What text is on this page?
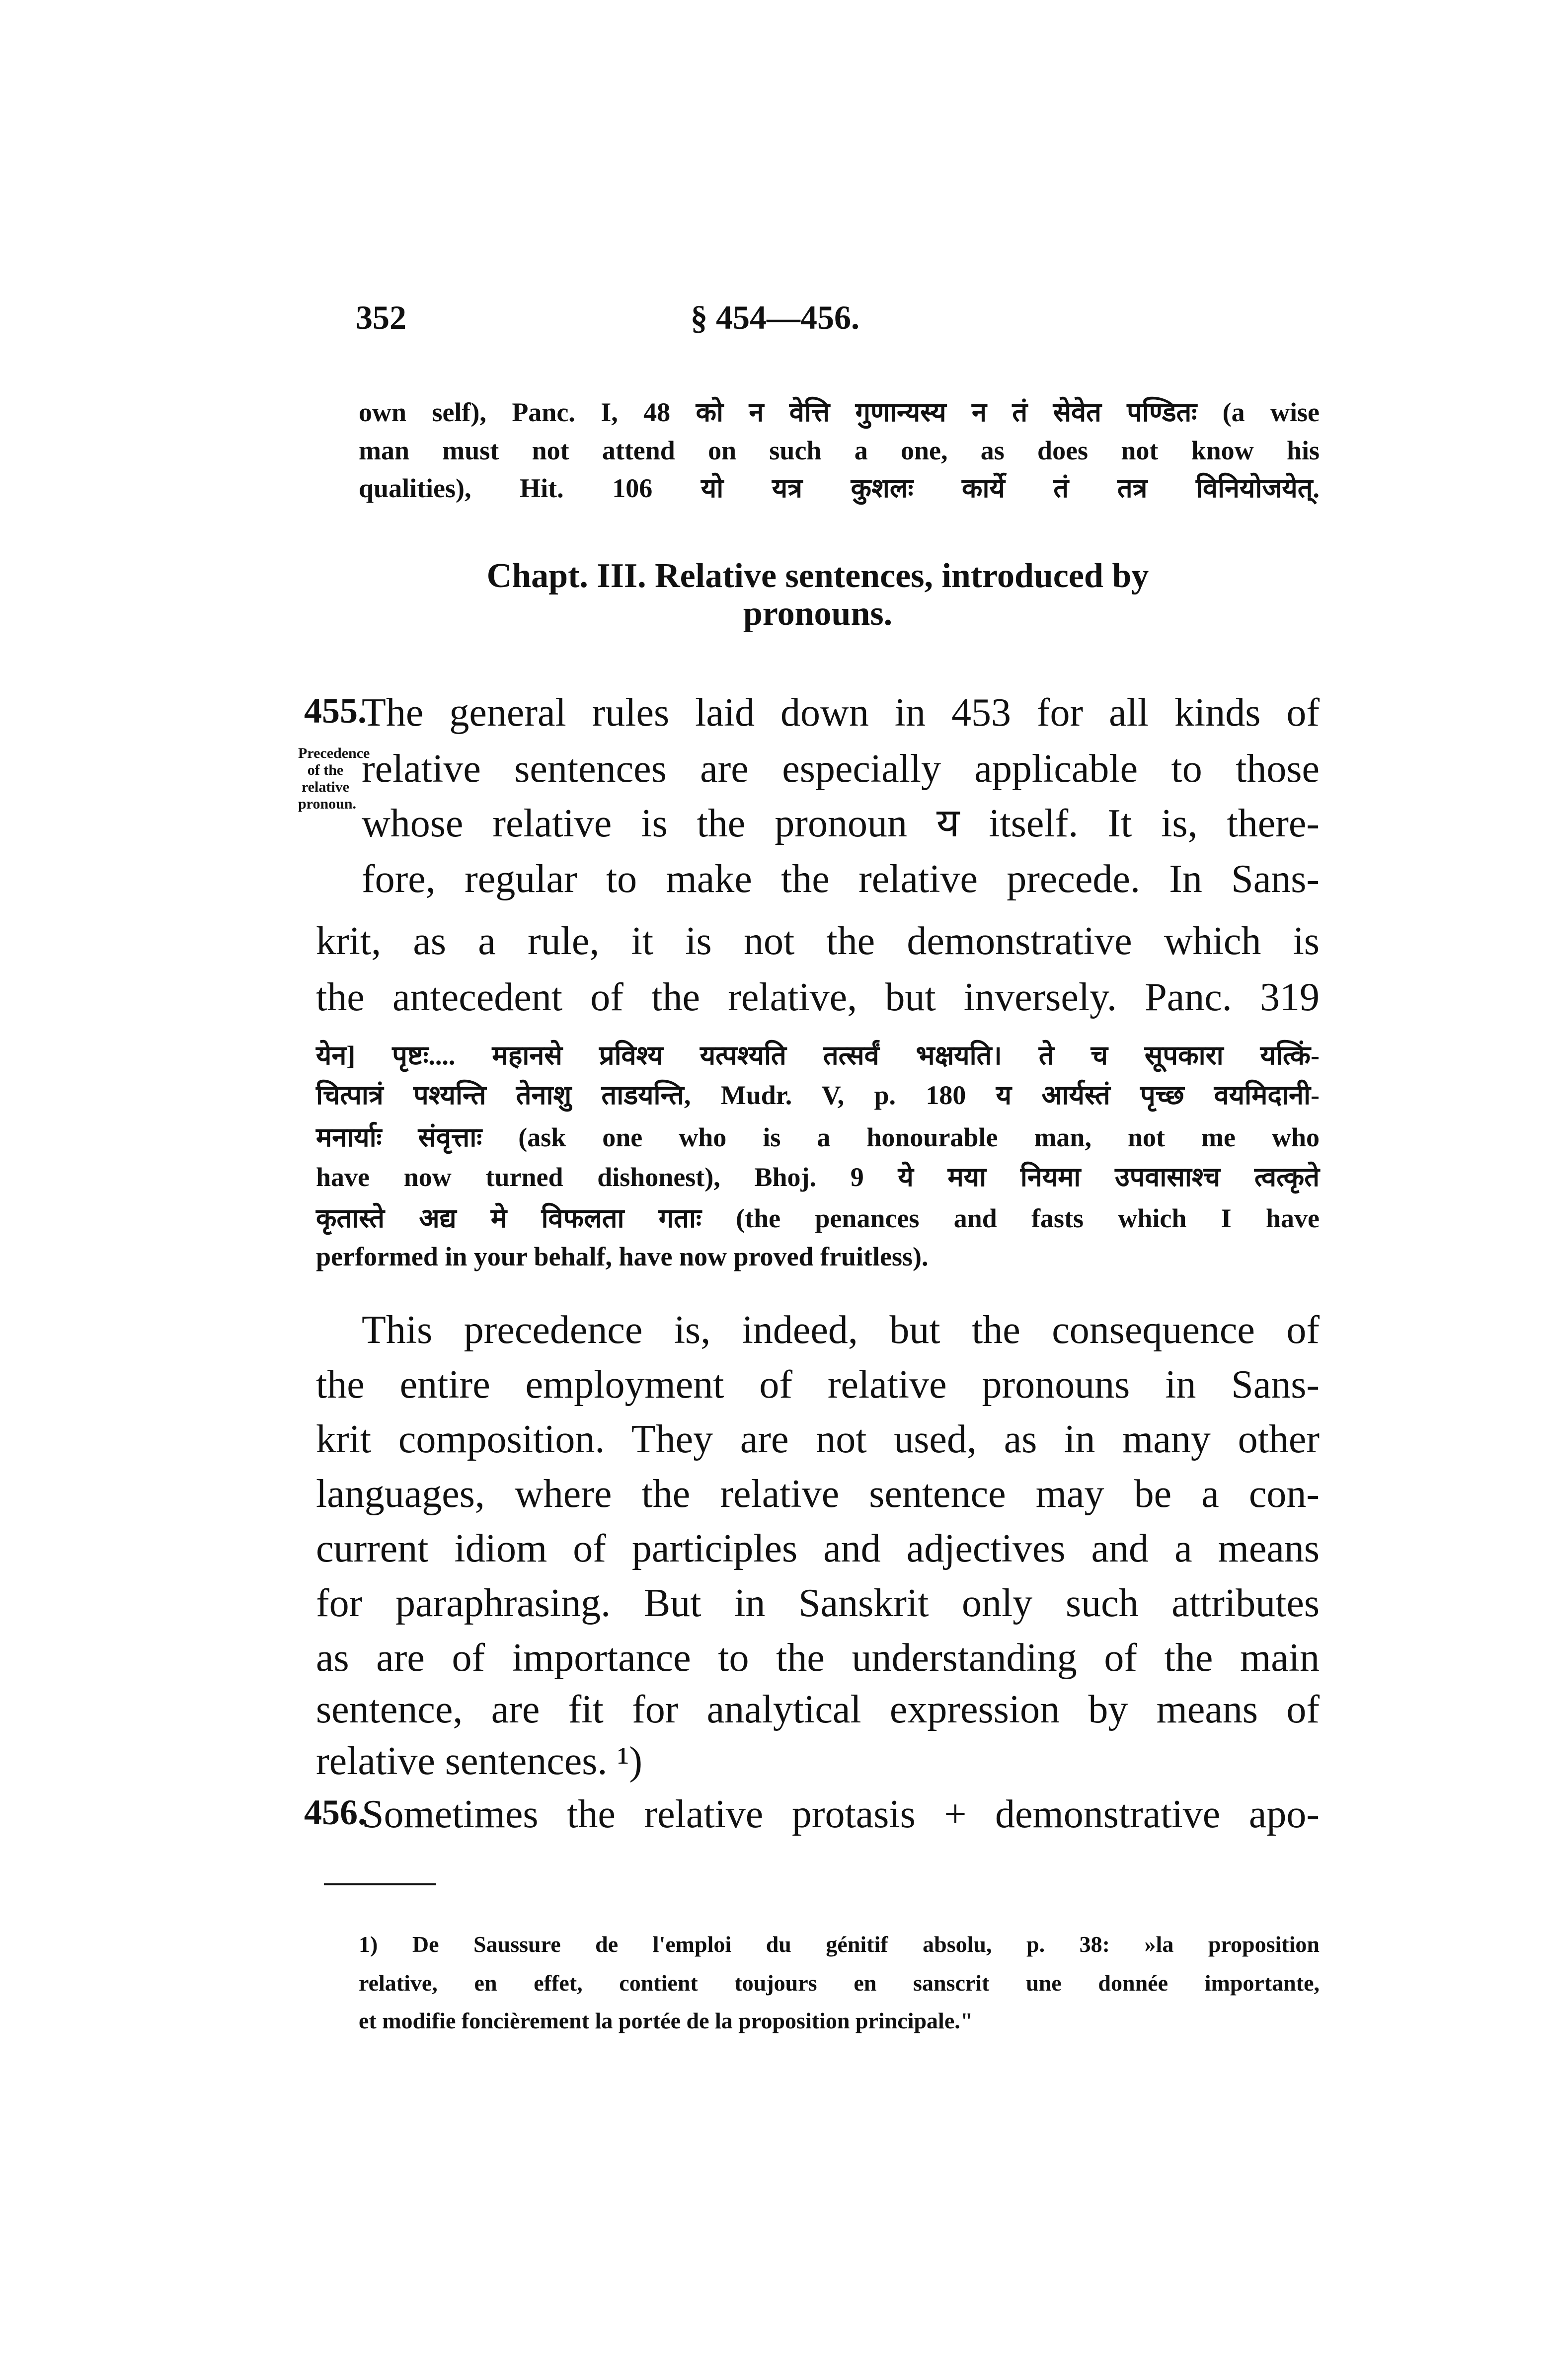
352	§ 454—456.
own self), Panc. I, 48 को न वेत्ति गुणान्यस्य न तं सेवेत पण्डितः (a wise
man must not attend on such a one, as does not know his
qualities), Hit. 106 यो यत्र कुशलः कार्ये तं तत्र विनियोजयेत्.
Chapt. III. Relative sentences, introduced by
pronouns.
455.
Precedence of the relative pronoun.
The general rules laid down in 453 for all kinds of
relative sentences are especially applicable to those
whose relative is the pronoun य itself. It is, there-
fore, regular to make the relative precede. In Sans-
krit, as a rule, it is not the demonstrative which is
the antecedent of the relative, but inversely. Panc. 319
येन] पृष्टः.... महानसे प्रविश्य यत्पश्यति तत्सर्वं भक्षयति। ते च सूपकारा यत्किं-
चित्पात्रं पश्यन्ति तेनाशु ताडयन्ति, Mudr. V, p. 180 य आर्यस्तं पृच्छ वयमिदानी-
मनार्याः संवृत्ताः (ask one who is a honourable man, not me who
have now turned dishonest), Bhoj. 9 ये मया नियमा उपवासाश्च त्वत्कृते
कृतास्ते अद्य मे विफलता गताः (the penances and fasts which I have
performed in your behalf, have now proved fruitless).
This precedence is, indeed, but the consequence of
the entire employment of relative pronouns in Sans-
krit composition. They are not used, as in many other
languages, where the relative sentence may be a con-
current idiom of participles and adjectives and a means
for paraphrasing. But in Sanskrit only such attributes
as are of importance to the understanding of the main
sentence, are fit for analytical expression by means of
relative sentences. ¹)
456.
Sometimes the relative protasis + demonstrative apo-
1) De Saussure de l'emploi du génitif absolu, p. 38: »la proposition
relative, en effet, contient toujours en sanscrit une donnée importante,
et modifie foncièrement la portée de la proposition principale."
